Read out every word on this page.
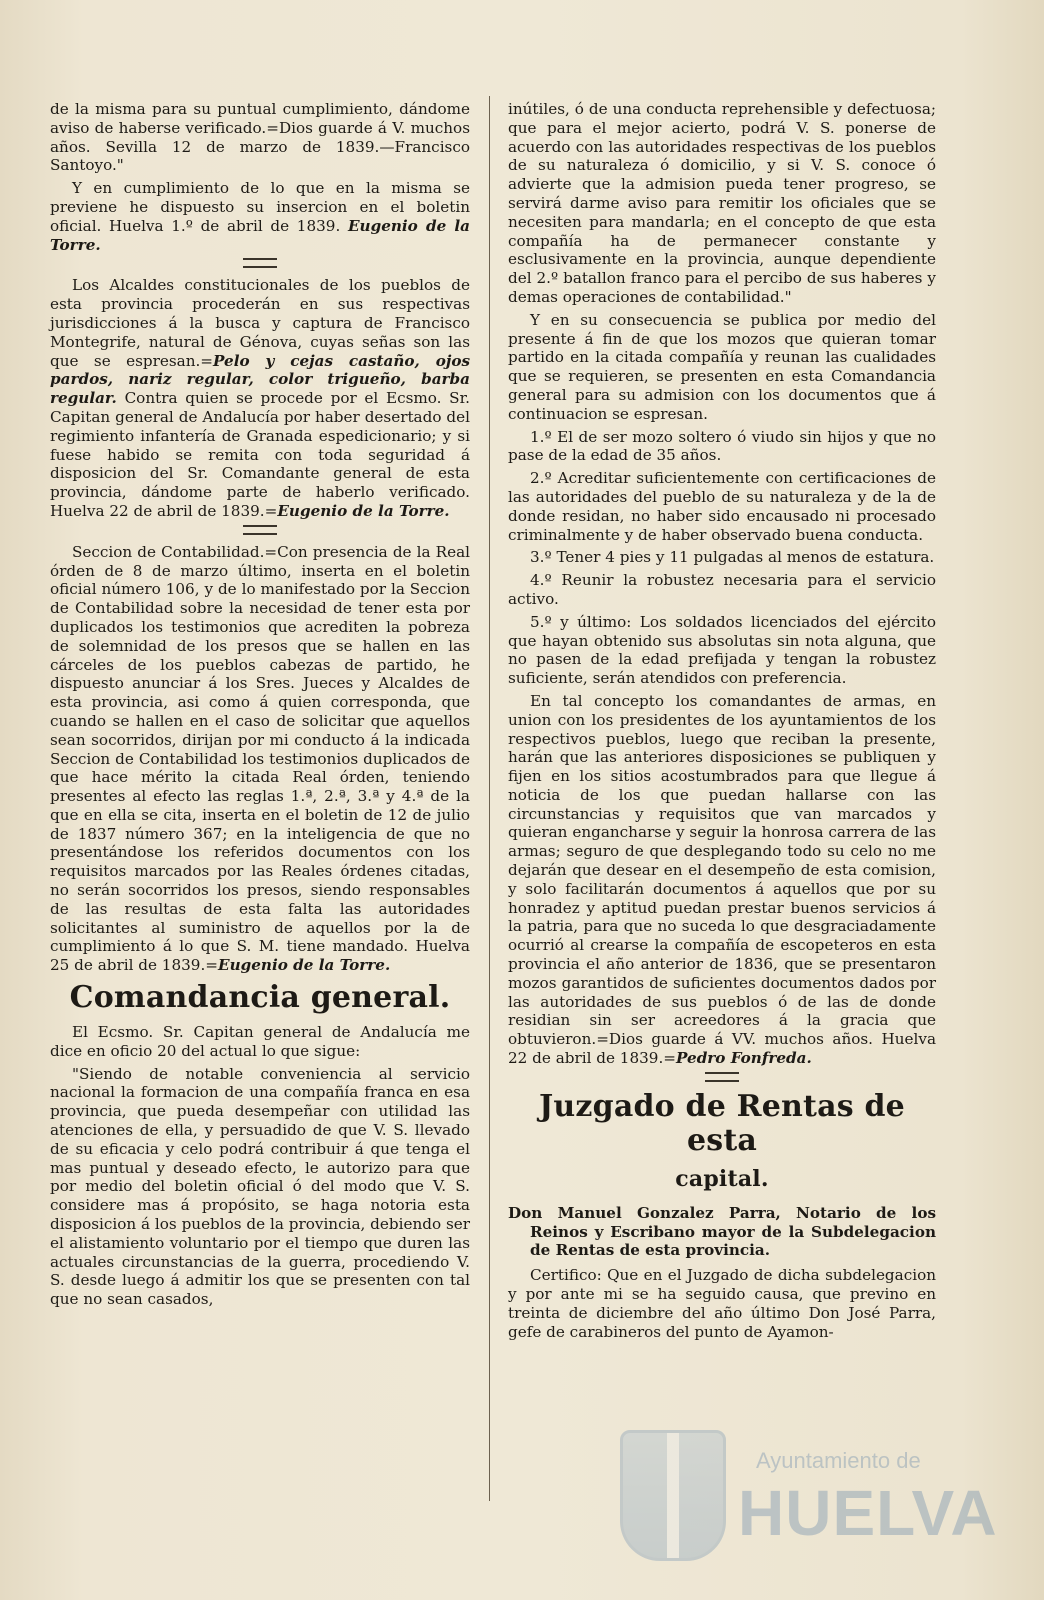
de la misma para su puntual cumplimiento, dándome aviso de haberse verificado.=Dios guarde á V. muchos años. Sevilla 12 de marzo de 1839.—Francisco Santoyo."

Y en cumplimiento de lo que en la misma se previene he dispuesto su insercion en el boletin oficial. Huelva 1.º de abril de 1839. Eugenio de la Torre.

Los Alcaldes constitucionales de los pueblos de esta provincia procederán en sus respectivas jurisdicciones á la busca y captura de Francisco Montegrife, natural de Génova, cuyas señas son las que se espresan.=Pelo y cejas castaño, ojos pardos, nariz regular, color trigueño, barba regular. Contra quien se procede por el Ecsmo. Sr. Capitan general de Andalucía por haber desertado del regimiento infantería de Granada espedicionario; y si fuese habido se remita con toda seguridad á disposicion del Sr. Comandante general de esta provincia, dándome parte de haberlo verificado. Huelva 22 de abril de 1839.=Eugenio de la Torre.

Seccion de Contabilidad.=Con presencia de la Real órden de 8 de marzo último, inserta en el boletin oficial número 106, y de lo manifestado por la Seccion de Contabilidad sobre la necesidad de tener esta por duplicados los testimonios que acrediten la pobreza de solemnidad de los presos que se hallen en las cárceles de los pueblos cabezas de partido, he dispuesto anunciar á los Sres. Jueces y Alcaldes de esta provincia, asi como á quien corresponda, que cuando se hallen en el caso de solicitar que aquellos sean socorridos, dirijan por mi conducto á la indicada Seccion de Contabilidad los testimonios duplicados de que hace mérito la citada Real órden, teniendo presentes al efecto las reglas 1.ª, 2.ª, 3.ª y 4.ª de la que en ella se cita, inserta en el boletin de 12 de julio de 1837 número 367; en la inteligencia de que no presentándose los referidos documentos con los requisitos marcados por las Reales órdenes citadas, no serán socorridos los presos, siendo responsables de las resultas de esta falta las autoridades solicitantes al suministro de aquellos por la de cumplimiento á lo que S. M. tiene mandado. Huelva 25 de abril de 1839.=Eugenio de la Torre.

Comandancia general.

El Ecsmo. Sr. Capitan general de Andalucía me dice en oficio 20 del actual lo que sigue:

"Siendo de notable conveniencia al servicio nacional la formacion de una compañía franca en esa provincia, que pueda desempeñar con utilidad las atenciones de ella, y persuadido de que V. S. llevado de su eficacia y celo podrá contribuir á que tenga el mas puntual y deseado efecto, le autorizo para que por medio del boletin oficial ó del modo que V. S. considere mas á propósito, se haga notoria esta disposicion á los pueblos de la provincia, debiendo ser el alistamiento voluntario por el tiempo que duren las actuales circunstancias de la guerra, procediendo V. S. desde luego á admitir los que se presenten con tal que no sean casados,

inútiles, ó de una conducta reprehensible y defectuosa; que para el mejor acierto, podrá V. S. ponerse de acuerdo con las autoridades respectivas de los pueblos de su naturaleza ó domicilio, y si V. S. conoce ó advierte que la admision pueda tener progreso, se servirá darme aviso para remitir los oficiales que se necesiten para mandarla; en el concepto de que esta compañía ha de permanecer constante y esclusivamente en la provincia, aunque dependiente del 2.º batallon franco para el percibo de sus haberes y demas operaciones de contabilidad."

Y en su consecuencia se publica por medio del presente á fin de que los mozos que quieran tomar partido en la citada compañía y reunan las cualidades que se requieren, se presenten en esta Comandancia general para su admision con los documentos que á continuacion se espresan.

1.º El de ser mozo soltero ó viudo sin hijos y que no pase de la edad de 35 años.

2.º Acreditar suficientemente con certificaciones de las autoridades del pueblo de su naturaleza y de la de donde residan, no haber sido encausado ni procesado criminalmente y de haber observado buena conducta.

3.º Tener 4 pies y 11 pulgadas al menos de estatura.

4.º Reunir la robustez necesaria para el servicio activo.

5.º y último: Los soldados licenciados del ejército que hayan obtenido sus absolutas sin nota alguna, que no pasen de la edad prefijada y tengan la robustez suficiente, serán atendidos con preferencia.

En tal concepto los comandantes de armas, en union con los presidentes de los ayuntamientos de los respectivos pueblos, luego que reciban la presente, harán que las anteriores disposiciones se publiquen y fijen en los sitios acostumbrados para que llegue á noticia de los que puedan hallarse con las circunstancias y requisitos que van marcados y quieran engancharse y seguir la honrosa carrera de las armas; seguro de que desplegando todo su celo no me dejarán que desear en el desempeño de esta comision, y solo facilitarán documentos á aquellos que por su honradez y aptitud puedan prestar buenos servicios á la patria, para que no suceda lo que desgraciadamente ocurrió al crearse la compañía de escopeteros en esta provincia el año anterior de 1836, que se presentaron mozos garantidos de suficientes documentos dados por las autoridades de sus pueblos ó de las de donde residian sin ser acreedores á la gracia que obtuvieron.=Dios guarde á VV. muchos años. Huelva 22 de abril de 1839.=Pedro Fonfreda.

Juzgado de Rentas de esta
capital.

Don Manuel Gonzalez Parra, Notario de los Reinos y Escribano mayor de la Subdelegacion de Rentas de esta provincia.

Certifico: Que en el Juzgado de dicha subdelegacion y por ante mi se ha seguido causa, que previno en treinta de diciembre del año último Don José Parra, gefe de carabineros del punto de Ayamon-

Ayuntamiento de
HUELVA
